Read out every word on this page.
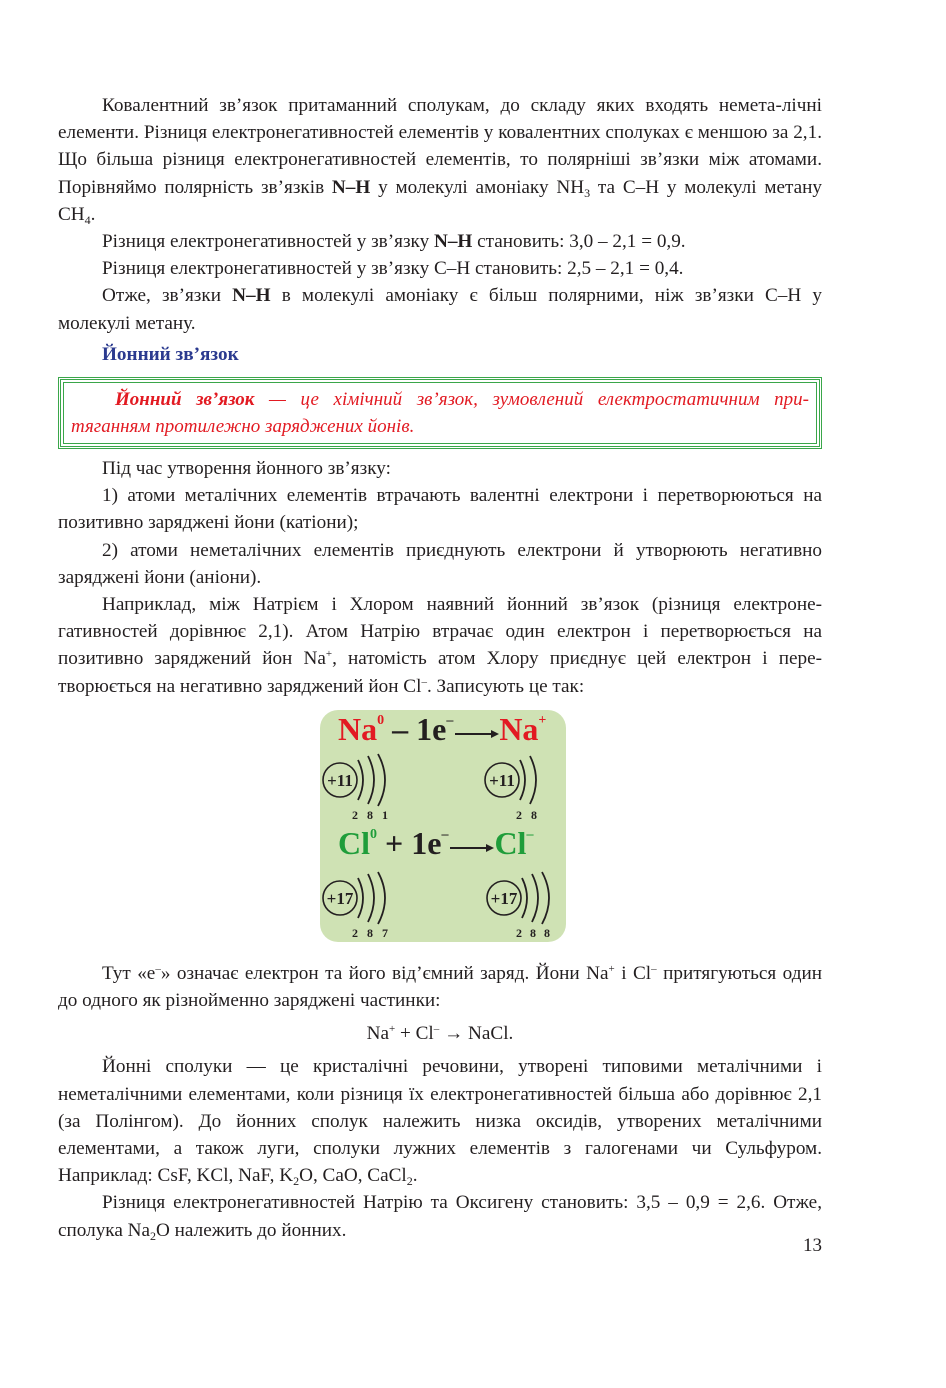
Ковалентний зв’язок притаманний сполукам, до складу яких входять немета-лічні елементи. Різниця електронегативностей елементів у ковалентних сполуках є меншою за 2,1. Що більша різниця електронегативностей елементів, то полярніші зв’язки між атомами. Порівняймо полярність зв’язків N–H у молекулі амоніаку $NH_3$ та C–H у молекулі метану $CH_4$.

Різниця електронегативностей у зв’язку N–H становить: 3,0 – 2,1 = 0,9.

Різниця електронегативностей у зв’язку C–H становить: 2,5 – 2,1 = 0,4.

Отже, зв’язки N–H в молекулі амоніаку є більш полярними, ніж зв’язки C–H у молекулі метану.

Йонний зв’язок

Йонний зв’язок — це хімічний зв’язок, зумовлений електростатичним при-тяганням протилежно заряджених йонів.

Під час утворення йонного зв’язку:

1) атоми металічних елементів втрачають валентні електрони і перетворюються на позитивно заряджені йони (катіони);

2) атоми неметалічних елементів приєднують електрони й утворюють негативно заряджені йони (аніони).

Наприклад, між Натрієм і Хлором наявний йонний зв’язок (різниця електроне-гативностей дорівнює 2,1). Атом Натрію втрачає один електрон і перетворюється на позитивно заряджений йон Na+, натомість атом Хлору приєднує цей електрон і пере-творюється на негативно заряджений йон Cl–. Записують це так:

Na$^0$ – 1e– Na+
+11
2 8 1
+11
2 8
$Cl^0 + 1e^-$ Cl–
+17
2 8 7
+17
2 8 8

Тут «e–» означає електрон та його від’ємний заряд. Йони Na+ і Cl– притягуються один до одного як різнойменно заряджені частинки:

Na+ + Cl– → NaCl.

Йонні сполуки — це кристалічні речовини, утворені типовими металічними і неметалічними елементами, коли різниця їх електронегативностей більша або дорівнює 2,1 (за Полінгом). До йонних сполук належить низка оксидів, утворених металічними елементами, а також луги, сполуки лужних елементів з галогенами чи Сульфуром. Наприклад: CsF, KCl, NaF, $K_2O$, CaO, CaCl$_2$.

Різниця електронегативностей Натрію та Оксигену становить: 3,5 – 0,9 = 2,6. Отже, сполука $Na_2O$ належить до йонних.

13
